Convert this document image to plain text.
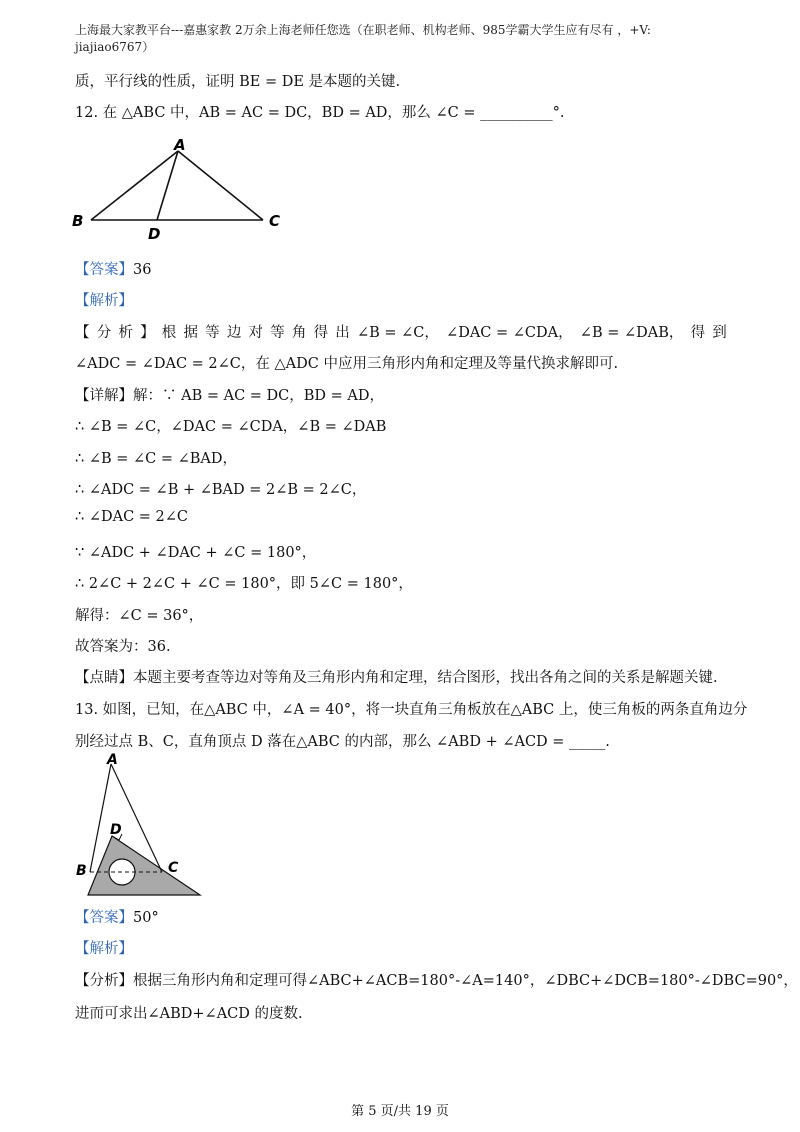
上海最大家教平台---嘉惠家教 2万余上海老师任您选（在职老师、机构老师、985学霸大学生应有尽有 ，+V: jiajiao6767）
质，平行线的性质，证明 BE = DE 是本题的关键.
12. 在 △ABC 中，AB = AC = DC，BD = AD，那么 ∠C = __________°.
A
B	C
D
【答案】36
【解析】
【 分 析 】 根 据 等 边 对 等 角 得 出 ∠B = ∠C， ∠DAC = ∠CDA， ∠B = ∠DAB， 得 到
∠ADC = ∠DAC = 2∠C，在 △ADC 中应用三角形内角和定理及等量代换求解即可.
【详解】解：∵ AB = AC = DC，BD = AD，
∴ ∠B = ∠C，∠DAC = ∠CDA，∠B = ∠DAB
∴ ∠B = ∠C = ∠BAD，
∴ ∠ADC = ∠B + ∠BAD = 2∠B = 2∠C，
∴ ∠DAC = 2∠C
∵ ∠ADC + ∠DAC + ∠C = 180°，
∴ 2∠C + 2∠C + ∠C = 180°，即 5∠C = 180°，
解得：∠C = 36°，
故答案为：36.
【点睛】本题主要考查等边对等角及三角形内角和定理，结合图形，找出各角之间的关系是解题关键.
13. 如图，已知，在△ABC 中，∠A = 40°，将一块直角三角板放在△ABC 上，使三角板的两条直角边分
别经过点 B、C，直角顶点 D 落在△ABC 的内部，那么 ∠ABD + ∠ACD = _____.
A
D
B	C
【答案】50°
【解析】
【分析】根据三角形内角和定理可得∠ABC+∠ACB=180°-∠A=140°，∠DBC+∠DCB=180°-∠DBC=90°，
进而可求出∠ABD+∠ACD 的度数.
第 5 页/共 19 页
